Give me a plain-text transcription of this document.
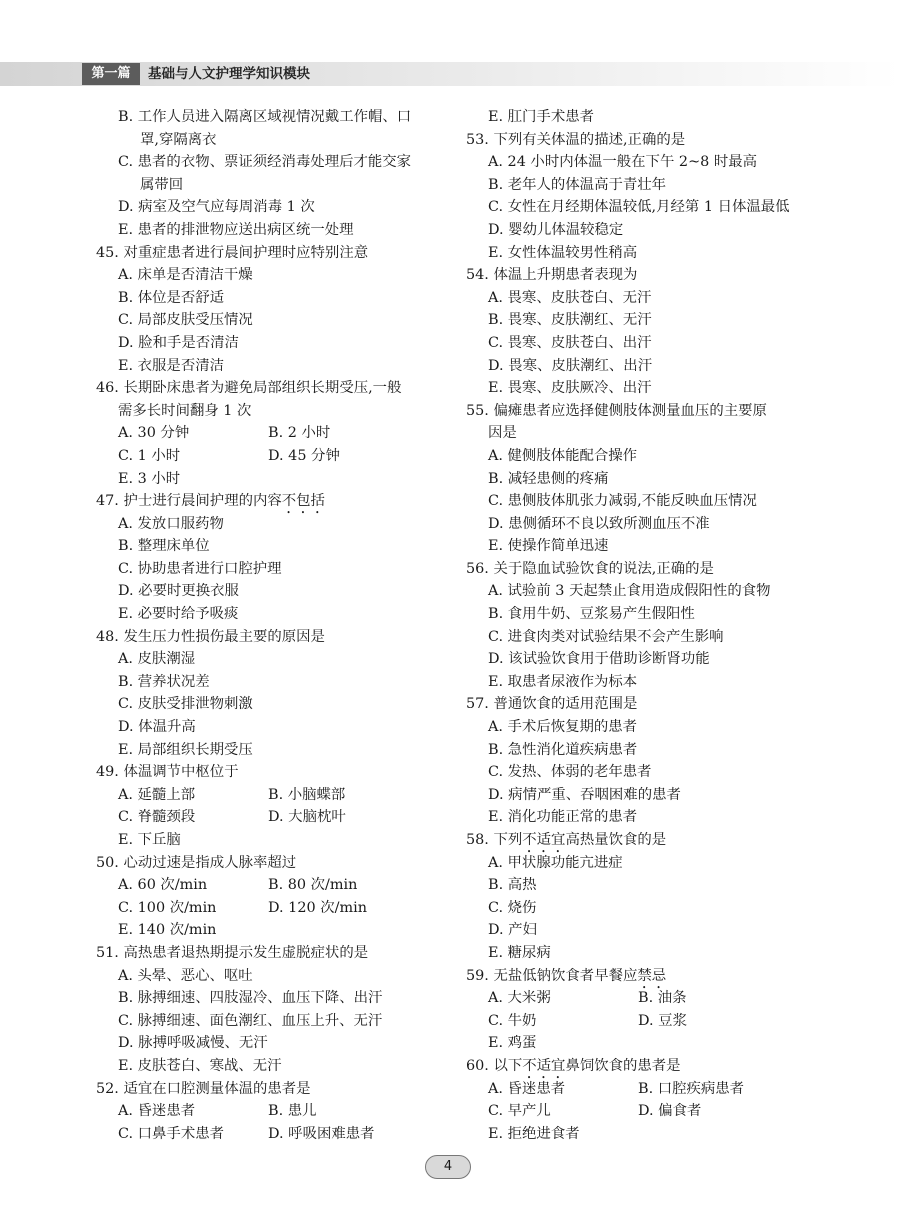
第一篇	基础与人文护理学知识模块
B. 工作人员进入隔离区域视情况戴工作帽、口
罩,穿隔离衣
C. 患者的衣物、票证须经消毒处理后才能交家
属带回
D. 病室及空气应每周消毒 1 次
E. 患者的排泄物应送出病区统一处理
45. 对重症患者进行晨间护理时应特别注意
A. 床单是否清洁干燥
B. 体位是否舒适
C. 局部皮肤受压情况
D. 脸和手是否清洁
E. 衣服是否清洁
46. 长期卧床患者为避免局部组织长期受压,一般
需多长时间翻身 1 次
A. 30 分钟	B. 2 小时
C. 1 小时	D. 45 分钟
E. 3 小时
47. 护士进行晨间护理的内容不包括
A. 发放口服药物
B. 整理床单位
C. 协助患者进行口腔护理
D. 必要时更换衣服
E. 必要时给予吸痰
48. 发生压力性损伤最主要的原因是
A. 皮肤潮湿
B. 营养状况差
C. 皮肤受排泄物刺激
D. 体温升高
E. 局部组织长期受压
49. 体温调节中枢位于
A. 延髓上部	B. 小脑蝶部
C. 脊髓颈段	D. 大脑枕叶
E. 下丘脑
50. 心动过速是指成人脉率超过
A. 60 次/min	B. 80 次/min
C. 100 次/min	D. 120 次/min
E. 140 次/min
51. 高热患者退热期提示发生虚脱症状的是
A. 头晕、恶心、呕吐
B. 脉搏细速、四肢湿冷、血压下降、出汗
C. 脉搏细速、面色潮红、血压上升、无汗
D. 脉搏呼吸减慢、无汗
E. 皮肤苍白、寒战、无汗
52. 适宜在口腔测量体温的患者是
A. 昏迷患者	B. 患儿
C. 口鼻手术患者	D. 呼吸困难患者
E. 肛门手术患者
53. 下列有关体温的描述,正确的是
A. 24 小时内体温一般在下午 2~8 时最高
B. 老年人的体温高于青壮年
C. 女性在月经期体温较低,月经第 1 日体温最低
D. 婴幼儿体温较稳定
E. 女性体温较男性稍高
54. 体温上升期患者表现为
A. 畏寒、皮肤苍白、无汗
B. 畏寒、皮肤潮红、无汗
C. 畏寒、皮肤苍白、出汗
D. 畏寒、皮肤潮红、出汗
E. 畏寒、皮肤厥冷、出汗
55. 偏瘫患者应选择健侧肢体测量血压的主要原
因是
A. 健侧肢体能配合操作
B. 减轻患侧的疼痛
C. 患侧肢体肌张力减弱,不能反映血压情况
D. 患侧循环不良以致所测血压不准
E. 使操作简单迅速
56. 关于隐血试验饮食的说法,正确的是
A. 试验前 3 天起禁止食用造成假阳性的食物
B. 食用牛奶、豆浆易产生假阳性
C. 进食肉类对试验结果不会产生影响
D. 该试验饮食用于借助诊断肾功能
E. 取患者尿液作为标本
57. 普通饮食的适用范围是
A. 手术后恢复期的患者
B. 急性消化道疾病患者
C. 发热、体弱的老年患者
D. 病情严重、吞咽困难的患者
E. 消化功能正常的患者
58. 下列不适宜高热量饮食的是
A. 甲状腺功能亢进症
B. 高热
C. 烧伤
D. 产妇
E. 糖尿病
59. 无盐低钠饮食者早餐应禁忌
A. 大米粥	B. 油条
C. 牛奶	D. 豆浆
E. 鸡蛋
60. 以下不适宜鼻饲饮食的患者是
A. 昏迷患者	B. 口腔疾病患者
C. 早产儿	D. 偏食者
E. 拒绝进食者
4
